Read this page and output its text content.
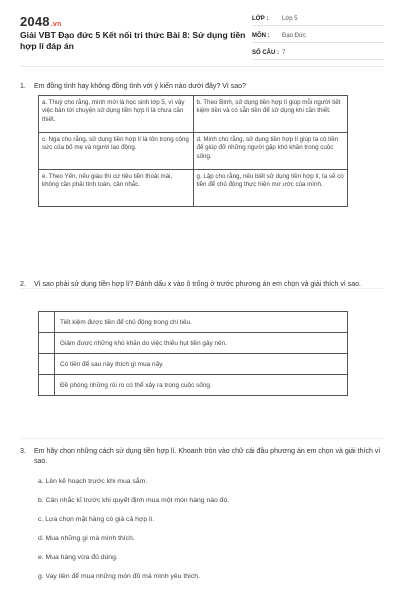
2048.vn
Giải VBT Đạo đức 5 Kết nối tri thức Bài 8: Sử dụng tiền hợp lí đáp án
LỚP :	Lớp 5
MÔN :	Đạo Đức
SỐ CÂU : 7
1. Em đồng tình hay không đồng tình với ý kiến nào dưới đây? Vì sao?
a. Thuỳ cho rằng, mình mới là học sinh lớp 5, vì vậy việc bàn tới chuyện sử dụng tiền hợp lí là chưa cần thiết.	b. Theo Bình, sử dụng tiền hợp lí giúp mỗi người tiết kiệm tiền và có sẵn tiền để sử dụng khi cần thiết.
c. Nga cho rằng, sử dụng tiền hợp lí là tôn trọng công sức của bố mẹ và người lao động.	d. Minh cho rằng, sử dụng tiền hợp lí giúp ta có tiền để giúp đỡ những người gặp khó khăn trong cuộc sống.
e. Theo Yến, nếu giàu thì cứ tiêu tiền thoải mái, không cần phải tính toán, cân nhắc.	g. Lập cho rằng, nếu biết sử dụng tiền hợp lí, ta sẽ có tiền để chủ động thực hiện mơ ước của mình.
2. Vì sao phải sử dụng tiền hợp lí? Đánh dấu x vào ô trống ở trước phương án em chọn và giải thích vì sao.
	Tiết kiệm được tiền để chủ động trong chi tiêu.
	Giảm được những khó khăn do việc thiếu hụt tiền gây nên.
	Có tiền để sau này thích gì mua nấy.
	Đề phòng những rủi ro có thể xảy ra trong cuộc sống.
3. Em hãy chọn những cách sử dụng tiền hợp lí. Khoanh tròn vào chữ cái đầu phương án em chọn và giải thích vì sao.
a. Lên kế hoạch trước khi mua sắm.
b. Cân nhắc kĩ trước khi quyết định mua một món hàng nào đó.
c. Lựa chọn mặt hàng có giá cả hợp lí.
d. Mua những gì mà mình thích.
e. Mua hàng vừa đủ dùng.
g. Vay tiền để mua những món đồ mà mình yêu thích.
